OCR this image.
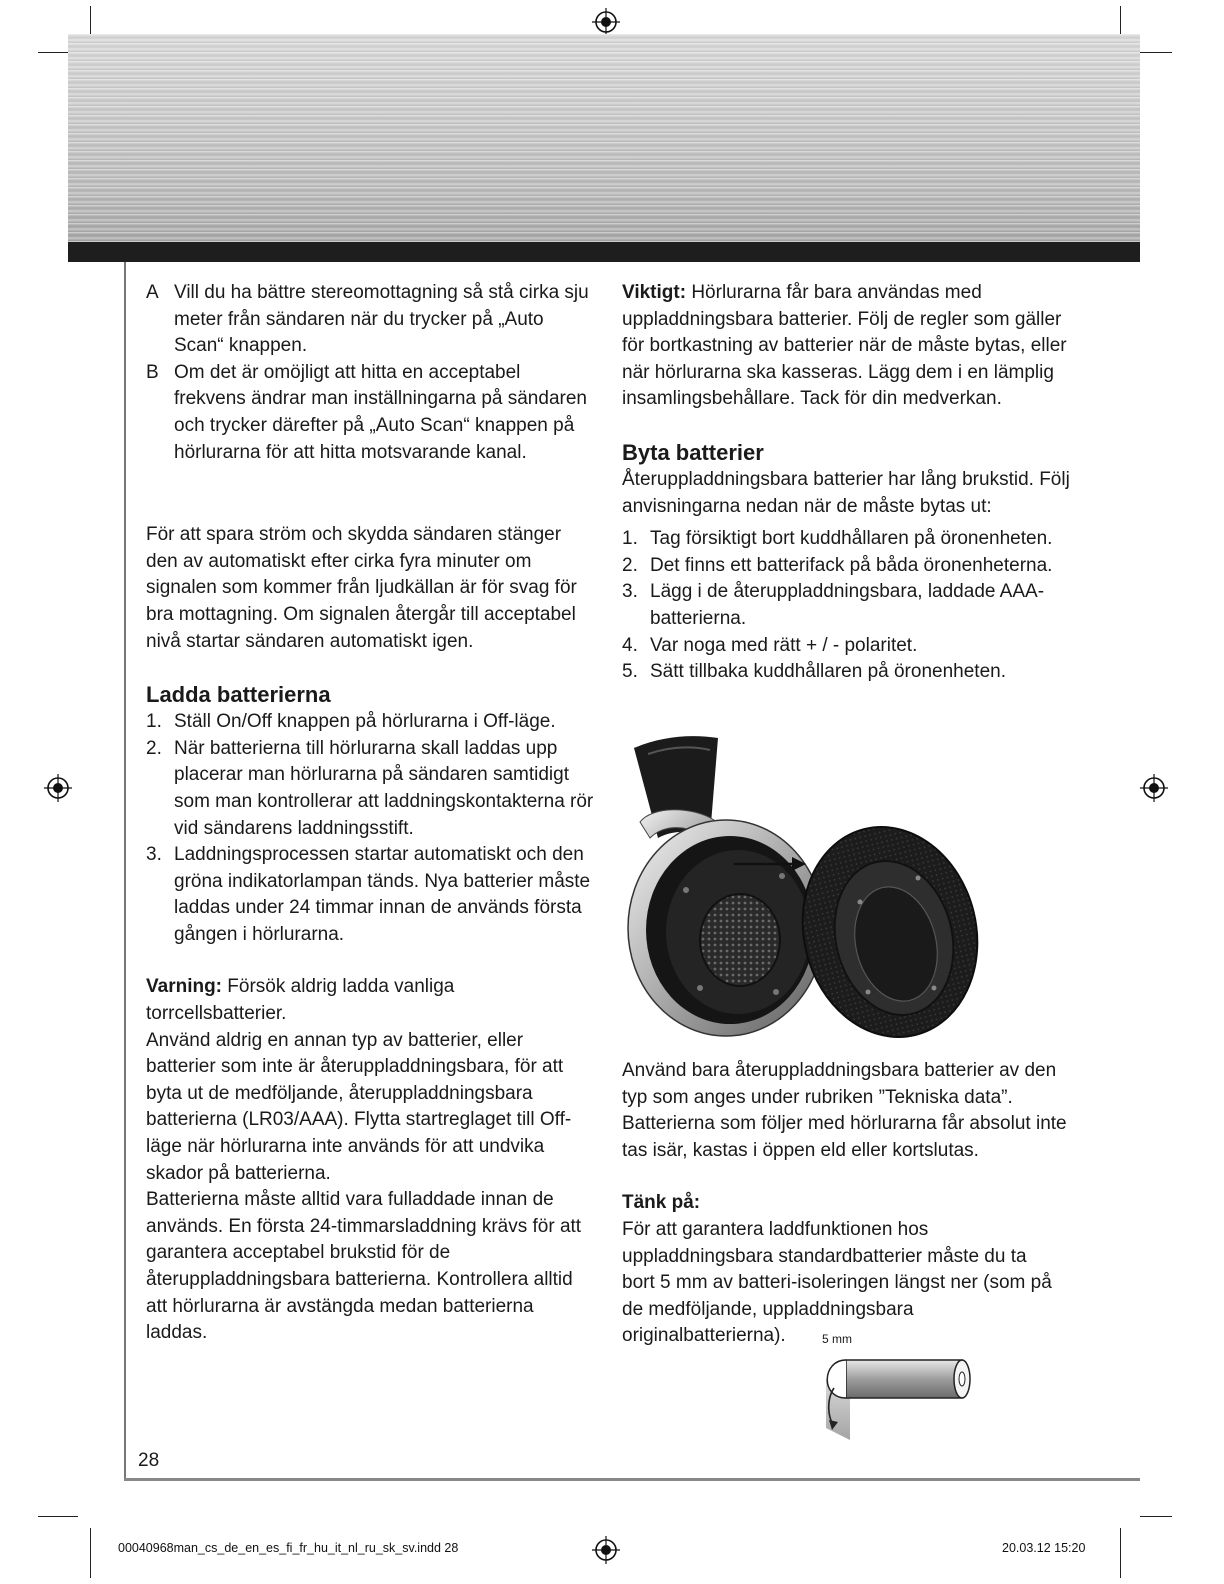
A Vill du ha bättre stereomottagning så stå cirka sju meter från sändaren när du trycker på „Auto Scan“ knappen.
B Om det är omöjligt att hitta en acceptabel frekvens ändrar man inställningarna på sändaren och trycker därefter på „Auto Scan“ knappen på hörlurarna för att hitta motsvarande kanal.

För att spara ström och skydda sändaren stänger den av automatiskt efter cirka fyra minuter om signalen som kommer från ljudkällan är för svag för bra mottagning. Om signalen återgår till acceptabel nivå startar sändaren automatiskt igen.

Ladda batterierna
1. Ställ On/Off knappen på hörlurarna i Off-läge.
2. När batterierna till hörlurarna skall laddas upp placerar man hörlurarna på sändaren samtidigt som man kontrollerar att laddningskontakterna rör vid sändarens laddningsstift.
3. Laddningsprocessen startar automatiskt och den gröna indikatorlampan tänds. Nya batterier måste laddas under 24 timmar innan de används första gången i hörlurarna.

Varning: Försök aldrig ladda vanliga torrcellsbatterier.

Använd aldrig en annan typ av batterier, eller batterier som inte är återuppladdningsbara, för att byta ut de medföljande, återuppladdningsbara batterierna (LR03/AAA). Flytta startreglaget till Off-läge när hörlurarna inte används för att undvika skador på batterierna.

Batterierna måste alltid vara fulladdade innan de används. En första 24-timmarsladdning krävs för att garantera acceptabel brukstid för de återuppladdningsbara batterierna. Kontrollera alltid att hörlurarna är avstängda medan batterierna laddas.

Viktigt: Hörlurarna får bara användas med uppladdningsbara batterier. Följ de regler som gäller för bortkastning av batterier när de måste bytas, eller när hörlurarna ska kasseras. Lägg dem i en lämplig insamlingsbehållare. Tack för din medverkan.

Byta batterier

Återuppladdningsbara batterier har lång brukstid. Följ anvisningarna nedan när de måste bytas ut:

1. Tag försiktigt bort kuddhållaren på öronenheten.
2. Det finns ett batterifack på båda öronenheterna.
3. Lägg i de återuppladdningsbara, laddade AAA-batterierna.
4. Var noga med rätt + / - polaritet.
5. Sätt tillbaka kuddhållaren på öronenheten.

Använd bara återuppladdningsbara batterier av den typ som anges under rubriken ”Tekniska data”. Batterierna som följer med hörlurarna får absolut inte tas isär, kastas i öppen eld eller kortslutas.

Tänk på:

För att garantera laddfunktionen hos uppladdningsbara standardbatterier måste du ta bort 5 mm av batteri-isoleringen längst ner (som på de medföljande, uppladdningsbara originalbatterierna).	5 mm
28
00040968man_cs_de_en_es_fi_fr_hu_it_nl_ru_sk_sv.indd 28	20.03.12 15:20
